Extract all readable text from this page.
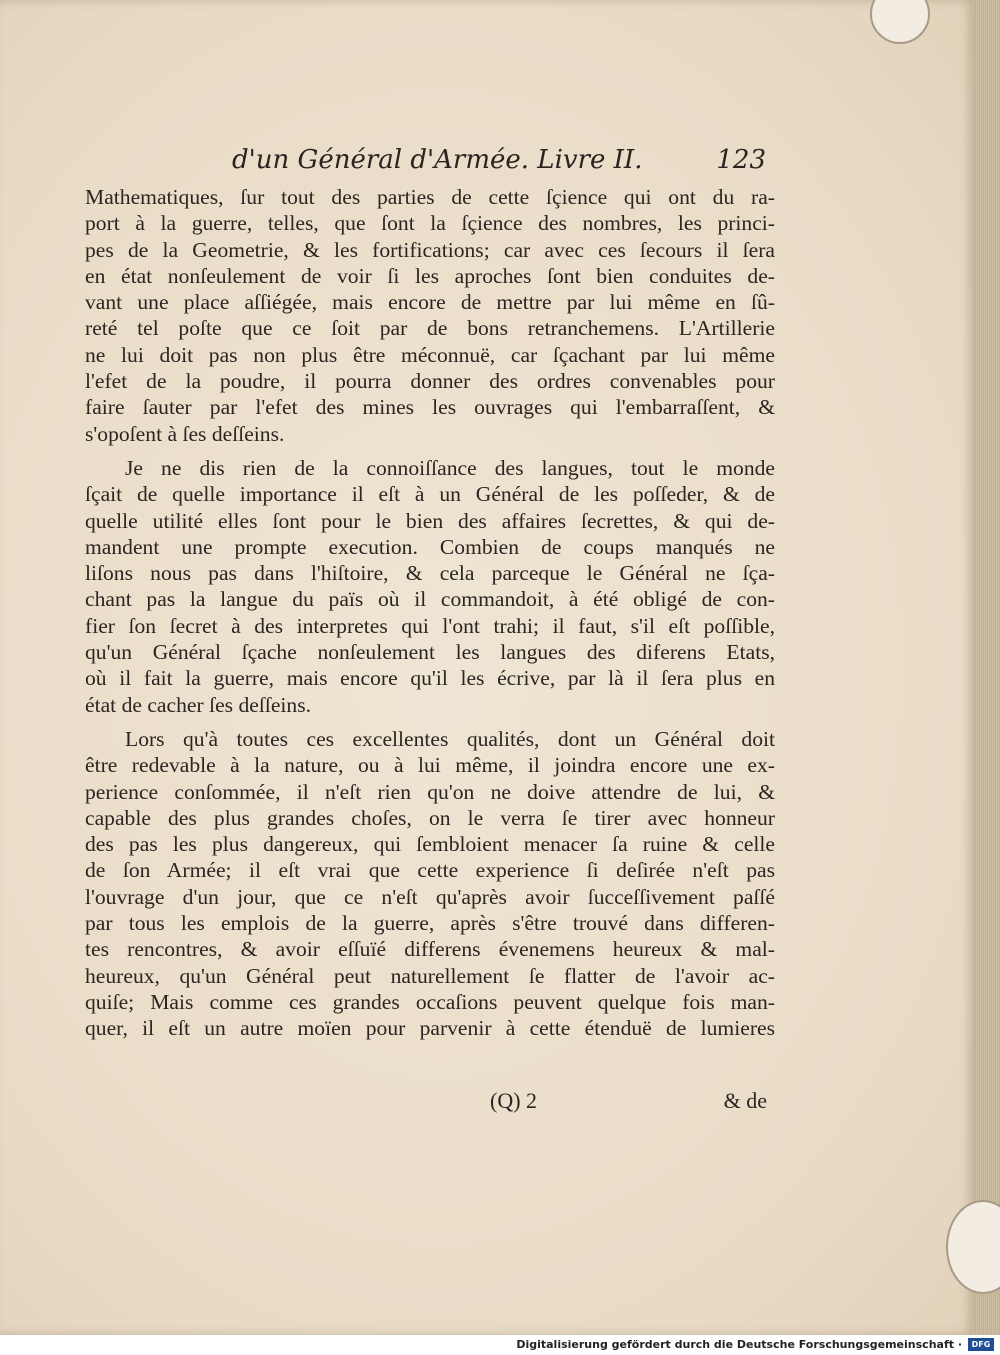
d'un Général d'Armée. Livre II.	123
Mathematiques, ſur tout des parties de cette ſçience qui ont du ra-
port à la guerre, telles, que ſont la ſçience des nombres, les princi-
pes de la Geometrie, & les fortifications; car avec ces ſecours il ſera
en état nonſeulement de voir ſi les aproches ſont bien conduites de-
vant une place aſſiégée, mais encore de mettre par lui même en ſû-
reté tel poſte que ce ſoit par de bons retranchemens. L'Artillerie
ne lui doit pas non plus être méconnuë, car ſçachant par lui même
l'efet de la poudre, il pourra donner des ordres convenables pour
faire ſauter par l'efet des mines les ouvrages qui l'embarraſſent, &
s'opoſent à ſes deſſeins.
Je ne dis rien de la connoiſſance des langues, tout le monde
ſçait de quelle importance il eſt à un Général de les poſſeder, & de
quelle utilité elles ſont pour le bien des affaires ſecrettes, & qui de-
mandent une prompte execution. Combien de coups manqués ne
liſons nous pas dans l'hiſtoire, & cela parceque le Général ne ſça-
chant pas la langue du païs où il commandoit, à été obligé de con-
fier ſon ſecret à des interpretes qui l'ont trahi; il faut, s'il eſt poſſible,
qu'un Général ſçache nonſeulement les langues des diferens Etats,
où il fait la guerre, mais encore qu'il les écrive, par là il ſera plus en
état de cacher ſes deſſeins.
Lors qu'à toutes ces excellentes qualités, dont un Général doit
être redevable à la nature, ou à lui même, il joindra encore une ex-
perience conſommée, il n'eſt rien qu'on ne doive attendre de lui, &
capable des plus grandes choſes, on le verra ſe tirer avec honneur
des pas les plus dangereux, qui ſembloient menacer ſa ruine & celle
de ſon Armée; il eſt vrai que cette experience ſi deſirée n'eſt pas
l'ouvrage d'un jour, que ce n'eſt qu'après avoir ſucceſſivement paſſé
par tous les emplois de la guerre, après s'être trouvé dans differen-
tes rencontres, & avoir eſſuïé differens évenemens heureux & mal-
heureux, qu'un Général peut naturellement ſe flatter de l'avoir ac-
quiſe; Mais comme ces grandes occaſions peuvent quelque fois man-
quer, il eſt un autre moïen pour parvenir à cette étenduë de lumieres
(Q) 2	& de
Digitalisierung gefördert durch die Deutsche Forschungsgemeinschaft ·	DFG
